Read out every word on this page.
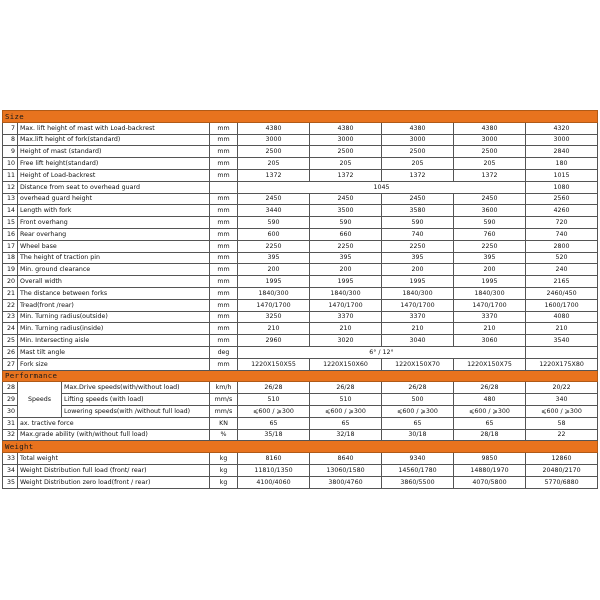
Size								
7	Max. lift height of mast with Load-backrest		mm	4380	4380	4380	4380	4320
8	Max.lift height of fork(standard)		mm	3000	3000	3000	3000	3000
9	Height of mast (standard)		mm	2500	2500	2500	2500	2840
10	Free lift height(standard)		mm	205	205	205	205	180
11	Height of Load-backrest		mm	1372	1372	1372	1372	1015
12	Distance from seat to overhead guard			1045				1080
13	overhead guard height		mm	2450	2450	2450	2450	2560
14	Length with fork		mm	3440	3500	3580	3600	4260
15	Front overhang		mm	590	590	590	590	720
16	Rear overhang		mm	600	660	740	760	740
17	Wheel base		mm	2250	2250	2250	2250	2800
18	The height of traction pin		mm	395	395	395	395	520
19	Min. ground clearance		mm	200	200	200	200	240
20	Overall width		mm	1995	1995	1995	1995	2165
21	The distance between forks		mm	1840/300	1840/300	1840/300	1840/300	2460/450
22	Tread(front /rear)		mm	1470/1700	1470/1700	1470/1700	1470/1700	1600/1700
23	Min. Turning radius(outside)		mm	3250	3370	3370	3370	4080
24	Min. Turning radius(inside)		mm	210	210	210	210	210
25	Min. Intersecting aisle		mm	2960	3020	3040	3060	3540
26	Mast tilt angle		deg	6° / 12°				
27	Fork size		mm	1220X150X55	1220X150X60	1220X150X70	1220X150X75	1220X175X80
Performance								
28	Speeds	Max.Drive speeds(with/without load)	km/h	26/28	26/28	26/28	26/28	20/22
29		Lifting speeds (with load)	mm/s	510	510	500	480	340
30		Lowering speeds(with /without full load)	mm/s	⩽600 / ⩾300	⩽600 / ⩾300	⩽600 / ⩾300	⩽600 / ⩾300	⩽600 / ⩾300
31	ax. tractive force		KN	65	65	65	65	58
32	Max.grade ability (with/without full load)		%	35/18	32/18	30/18	28/18	22
Weight								
33	Total weight		kg	8160	8640	9340	9850	12860
34	Weight Distribution full load (front/ rear)		kg	11810/1350	13060/1580	14560/1780	14880/1970	20480/2170
35	Weight Distribution zero load(front / rear)		kg	4100/4060	3800/4760	3860/5500	4070/5800	5770/6880
